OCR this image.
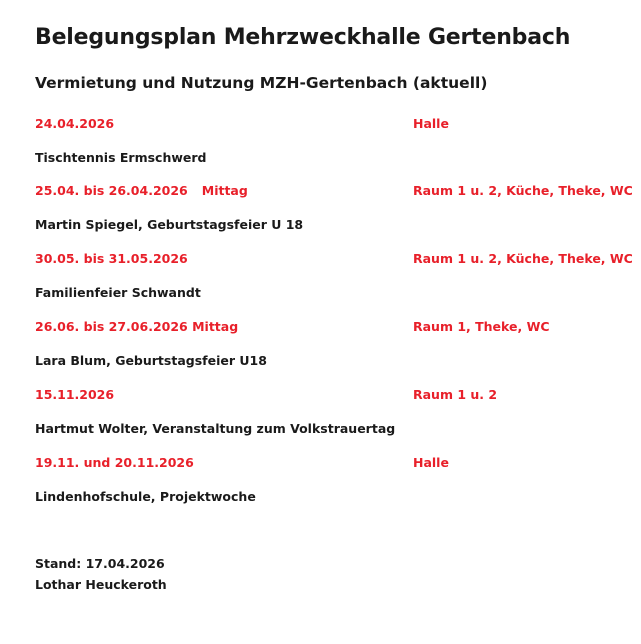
Belegungsplan Mehrzweckhalle Gertenbach
Vermietung und Nutzung MZH-Gertenbach (aktuell)
24.04.2026	Halle
Tischtennis Ermschwerd
25.04. bis 26.04.2026 Mittag	Raum 1 u. 2, Küche, Theke, WC
Martin Spiegel, Geburtstagsfeier U 18
30.05. bis 31.05.2026	Raum 1 u. 2, Küche, Theke, WC
Familienfeier Schwandt
26.06. bis 27.06.2026 Mittag	Raum 1, Theke, WC
Lara Blum, Geburtstagsfeier U18
15.11.2026	Raum 1 u. 2
Hartmut Wolter, Veranstaltung zum Volkstrauertag
19.11. und 20.11.2026	Halle
Lindenhofschule, Projektwoche
Stand: 17.04.2026
Lothar Heuckeroth
